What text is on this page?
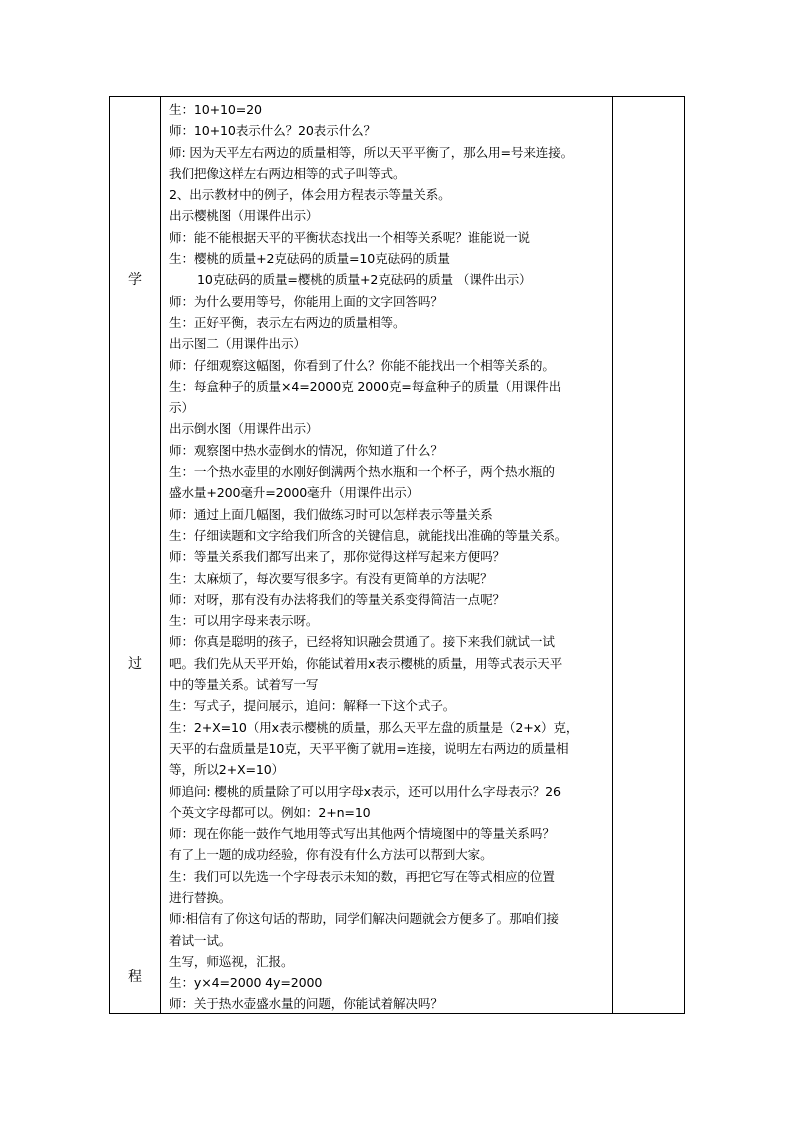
学
过
程
生：10+10=20
师：10+10表示什么？20表示什么？
师: 因为天平左右两边的质量相等，所以天平平衡了，那么用=号来连接。
我们把像这样左右两边相等的式子叫等式。
2、出示教材中的例子，体会用方程表示等量关系。
出示樱桃图（用课件出示）
师：能不能根据天平的平衡状态找出一个相等关系呢？谁能说一说
生：樱桃的质量+2克砝码的质量=10克砝码的质量
10克砝码的质量=樱桃的质量+2克砝码的质量 （课件出示）
师：为什么要用等号，你能用上面的文字回答吗？
生：正好平衡，表示左右两边的质量相等。
出示图二（用课件出示）
师：仔细观察这幅图，你看到了什么？你能不能找出一个相等关系的。
生：每盒种子的质量×4=2000克 2000克=每盒种子的质量（用课件出
示）
出示倒水图（用课件出示）
师：观察图中热水壶倒水的情况，你知道了什么？
生：一个热水壶里的水刚好倒满两个热水瓶和一个杯子，两个热水瓶的
盛水量+200毫升=2000毫升（用课件出示）
师：通过上面几幅图，我们做练习时可以怎样表示等量关系
生：仔细读题和文字给我们所含的关键信息，就能找出准确的等量关系。
师：等量关系我们都写出来了，那你觉得这样写起来方便吗？
生：太麻烦了，每次要写很多字。有没有更简单的方法呢？
师：对呀，那有没有办法将我们的等量关系变得简洁一点呢？
生：可以用字母来表示呀。
师：你真是聪明的孩子，已经将知识融会贯通了。接下来我们就试一试
吧。我们先从天平开始，你能试着用x表示樱桃的质量，用等式表示天平
中的等量关系。试着写一写
生：写式子，提问展示，追问：解释一下这个式子。
生：2+X=10（用x表示樱桃的质量，那么天平左盘的质量是（2+x）克，
天平的右盘质量是10克，天平平衡了就用=连接，说明左右两边的质量相
等，所以2+X=10）
师追问: 樱桃的质量除了可以用字母x表示，还可以用什么字母表示？26
个英文字母都可以。例如：2+n=10
师：现在你能一鼓作气地用等式写出其他两个情境图中的等量关系吗？
有了上一题的成功经验，你有没有什么方法可以帮到大家。
生：我们可以先选一个字母表示未知的数，再把它写在等式相应的位置
进行替换。
师:相信有了你这句话的帮助，同学们解决问题就会方便多了。那咱们接
着试一试。
生写，师巡视，汇报。
生：y×4=2000 4y=2000
师：关于热水壶盛水量的问题，你能试着解决吗？
